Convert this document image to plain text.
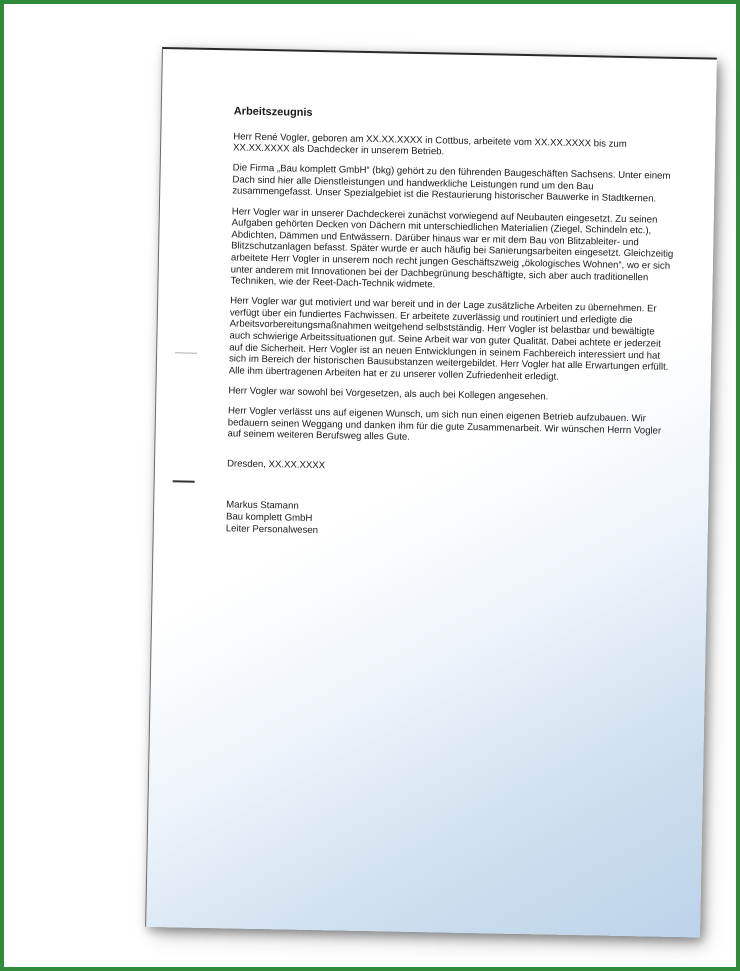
Arbeitszeugnis

Herr René Vogler, geboren am XX.XX.XXXX in Cottbus, arbeitete vom XX.XX.XXXX bis zum XX.XX.XXXX als Dachdecker in unserem Betrieb.

Die Firma „Bau komplett GmbH“ (bkg) gehört zu den führenden Baugeschäften Sachsens. Unter einem Dach sind hier alle Dienstleistungen und handwerkliche Leistungen rund um den Bau zusammengefasst. Unser Spezialgebiet ist die Restaurierung historischer Bauwerke in Stadtkernen.

Herr Vogler war in unserer Dachdeckerei zunächst vorwiegend auf Neubauten eingesetzt. Zu seinen Aufgaben gehörten Decken von Dächern mit unterschiedlichen Materialien (Ziegel, Schindeln etc.), Abdichten, Dämmen und Entwässern. Darüber hinaus war er mit dem Bau von Blitzableiter- und Blitzschutzanlagen befasst. Später wurde er auch häufig bei Sanierungsarbeiten eingesetzt. Gleichzeitig arbeitete Herr Vogler in unserem noch recht jungen Geschäftszweig „ökologisches Wohnen“, wo er sich unter anderem mit Innovationen bei der Dachbegrünung beschäftigte, sich aber auch traditionellen Techniken, wie der Reet-Dach-Technik widmete.

Herr Vogler war gut motiviert und war bereit und in der Lage zusätzliche Arbeiten zu übernehmen. Er verfügt über ein fundiertes Fachwissen. Er arbeitete zuverlässig und routiniert und erledigte die Arbeitsvorbereitungsmaßnahmen weitgehend selbstständig. Herr Vogler ist belastbar und bewältigte auch schwierige Arbeitssituationen gut. Seine Arbeit war von guter Qualität. Dabei achtete er jederzeit auf die Sicherheit. Herr Vogler ist an neuen Entwicklungen in seinem Fachbereich interessiert und hat sich im Bereich der historischen Bausubstanzen weitergebildet. Herr Vogler hat alle Erwartungen erfüllt. Alle ihm übertragenen Arbeiten hat er zu unserer vollen Zufriedenheit erledigt.

Herr Vogler war sowohl bei Vorgesetzen, als auch bei Kollegen angesehen.

Herr Vogler verlässt uns auf eigenen Wunsch, um sich nun einen eigenen Betrieb aufzubauen. Wir bedauern seinen Weggang und danken ihm für die gute Zusammenarbeit. Wir wünschen Herrn Vogler auf seinem weiteren Berufsweg alles Gute.

Dresden, XX.XX.XXXX

Markus Stamann
Bau komplett GmbH
Leiter Personalwesen
